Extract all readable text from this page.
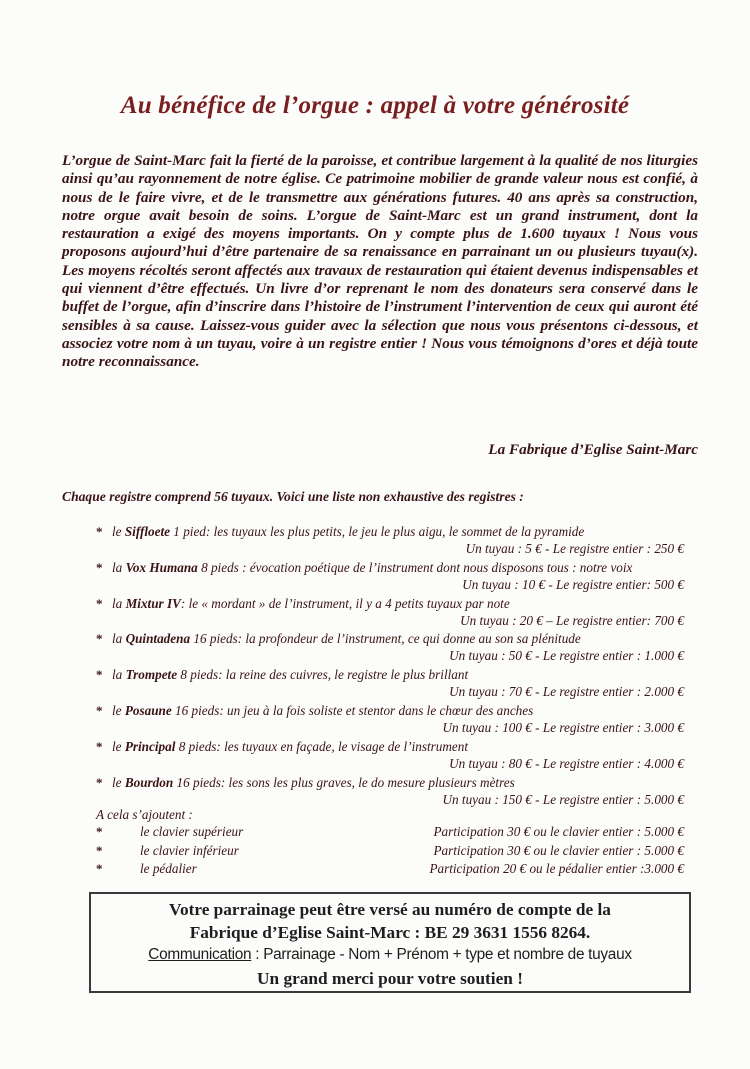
Au bénéfice de l’orgue : appel à votre générosité
L’orgue de Saint-Marc fait la fierté de la paroisse, et contribue largement à la qualité de nos liturgies ainsi qu’au rayonnement de notre église. Ce patrimoine mobilier de grande valeur nous est confié, à nous de le faire vivre, et de le transmettre aux générations futures. 40 ans après sa construction, notre orgue avait besoin de soins. L’orgue de Saint-Marc est un grand instrument, dont la restauration a exigé des moyens importants. On y compte plus de 1.600 tuyaux ! Nous vous proposons aujourd’hui d’être partenaire de sa renaissance en parrainant un ou plusieurs tuyau(x). Les moyens récoltés seront affectés aux travaux de restauration qui étaient devenus indispensables et qui viennent d’être effectués. Un livre d’or reprenant le nom des donateurs sera conservé dans le buffet de l’orgue, afin d’inscrire dans l’histoire de l’instrument l’intervention de ceux qui auront été sensibles à sa cause. Laissez-vous guider avec la sélection que nous vous présentons ci-dessous, et associez votre nom à un tuyau, voire à un registre entier ! Nous vous témoignons d’ores et déjà toute notre reconnaissance.
La Fabrique d’Eglise Saint-Marc
Chaque registre comprend 56 tuyaux. Voici une liste non exhaustive des registres :
* le Siffloete 1 pied: les tuyaux les plus petits, le jeu le plus aigu, le sommet de la pyramide
Un tuyau : 5 € - Le registre entier : 250 €
* la Vox Humana 8 pieds : évocation poétique de l’instrument dont nous disposons tous : notre voix
Un tuyau : 10 € - Le registre entier: 500 €
* la Mixtur IV: le « mordant » de l’instrument, il y a 4 petits tuyaux par note
Un tuyau : 20 € – Le registre entier: 700 €
* la Quintadena 16 pieds: la profondeur de l’instrument, ce qui donne au son sa plénitude
Un tuyau : 50 € - Le registre entier : 1.000 €
* la Trompete 8 pieds: la reine des cuivres, le registre le plus brillant
Un tuyau : 70 € - Le registre entier : 2.000 €
* le Posaune 16 pieds: un jeu à la fois soliste et stentor dans le chœur des anches
Un tuyau : 100 € - Le registre entier : 3.000 €
* le Principal 8 pieds: les tuyaux en façade, le visage de l’instrument
Un tuyau : 80 € - Le registre entier : 4.000 €
* le Bourdon 16 pieds: les sons les plus graves, le do mesure plusieurs mètres
Un tuyau : 150 € - Le registre entier : 5.000 €
A cela s’ajoutent :
*	le clavier supérieur	Participation 30 € ou le clavier entier : 5.000 €
*	le clavier inférieur	Participation 30 € ou le clavier entier : 5.000 €
*	le pédalier	Participation 20 € ou le pédalier entier :3.000 €
Votre parrainage peut être versé au numéro de compte de la
Fabrique d’Eglise Saint-Marc : BE 29 3631 1556 8264.
Communication : Parrainage - Nom + Prénom + type et nombre de tuyaux
Un grand merci pour votre soutien !
